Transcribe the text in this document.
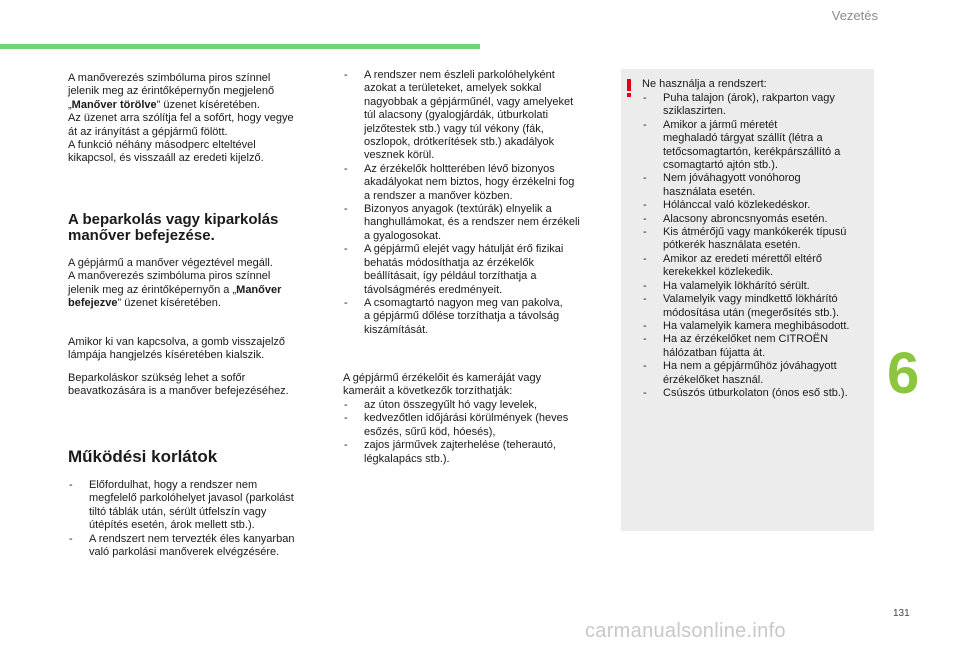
Vezetés

A manőverezés szimbóluma piros színnel
jelenik meg az érintőképernyőn megjelenő
„Manőver törölve” üzenet kíséretében.
Az üzenet arra szólítja fel a sofőrt, hogy vegye
át az irányítást a gépjármű fölött.
A funkció néhány másodperc elteltével
kikapcsol, és visszaáll az eredeti kijelző.

A beparkolás vagy kiparkolás
manőver befejezése.

A gépjármű a manőver végeztével megáll.
A manőverezés szimbóluma piros színnel
jelenik meg az érintőképernyőn a „Manőver
befejezve” üzenet kíséretében.

Amikor ki van kapcsolva, a gomb visszajelző
lámpája hangjelzés kíséretében kialszik.

Beparkoláskor szükség lehet a sofőr
beavatkozására is a manőver befejezéséhez.

Működési korlátok
- Előfordulhat, hogy a rendszer nem
megfelelő parkolóhelyet javasol (parkolást
tiltó táblák után, sérült útfelszín vagy
útépítés esetén, árok mellett stb.).
- A rendszert nem tervezték éles kanyarban
való parkolási manőverek elvégzésére.
- A rendszer nem észleli parkolóhelyként
azokat a területeket, amelyek sokkal
nagyobbak a gépjárműnél, vagy amelyeket
túl alacsony (gyalogjárdák, útburkolati
jelzőtestek stb.) vagy túl vékony (fák,
oszlopok, drótkerítések stb.) akadályok
vesznek körül.
- Az érzékelők holtterében lévő bizonyos
akadályokat nem biztos, hogy érzékelni fog
a rendszer a manőver közben.
- Bizonyos anyagok (textúrák) elnyelik a
hanghullámokat, és a rendszer nem érzékeli
a gyalogosokat.
- A gépjármű elejét vagy hátulját érő fizikai
behatás módosíthatja az érzékelők
beállításait, így például torzíthatja a
távolságmérés eredményeit.
- A csomagtartó nagyon meg van pakolva,
a gépjármű dőlése torzíthatja a távolság
kiszámítását.

A gépjármű érzékelőit és kameráját vagy
kameráit a következők torzíthatják:

- az úton összegyűlt hó vagy levelek,
- kedvezőtlen időjárási körülmények (heves
esőzés, sűrű köd, hóesés),
- zajos járművek zajterhelése (teherautó,
légkalapács stb.).
Ne használja a rendszert:
- Puha talajon (árok), rakparton vagy
sziklaszirten.
- Amikor a jármű méretét
meghaladó tárgyat szállít (létra a
tetőcsomagtartón, kerékpárszállító a
csomagtartó ajtón stb.).
- Nem jóváhagyott vonóhorog
használata esetén.
- Hólánccal való közlekedéskor.
- Alacsony abroncsnyomás esetén.
- Kis átmérőjű vagy mankókerék típusú
pótkerék használata esetén.
- Amikor az eredeti mérettől eltérő
kerekekkel közlekedik.
- Ha valamelyik lökhárító sérült.
- Valamelyik vagy mindkettő lökhárító
módosítása után (megerősítés stb.).
- Ha valamelyik kamera meghibásodott.
- Ha az érzékelőket nem CITROËN
hálózatban fújatta át.
- Ha nem a gépjárműhöz jóváhagyott
érzékelőket használ.
- Csúszós útburkolaton (ónos eső stb.). 6
131
carmanualsonline.info
